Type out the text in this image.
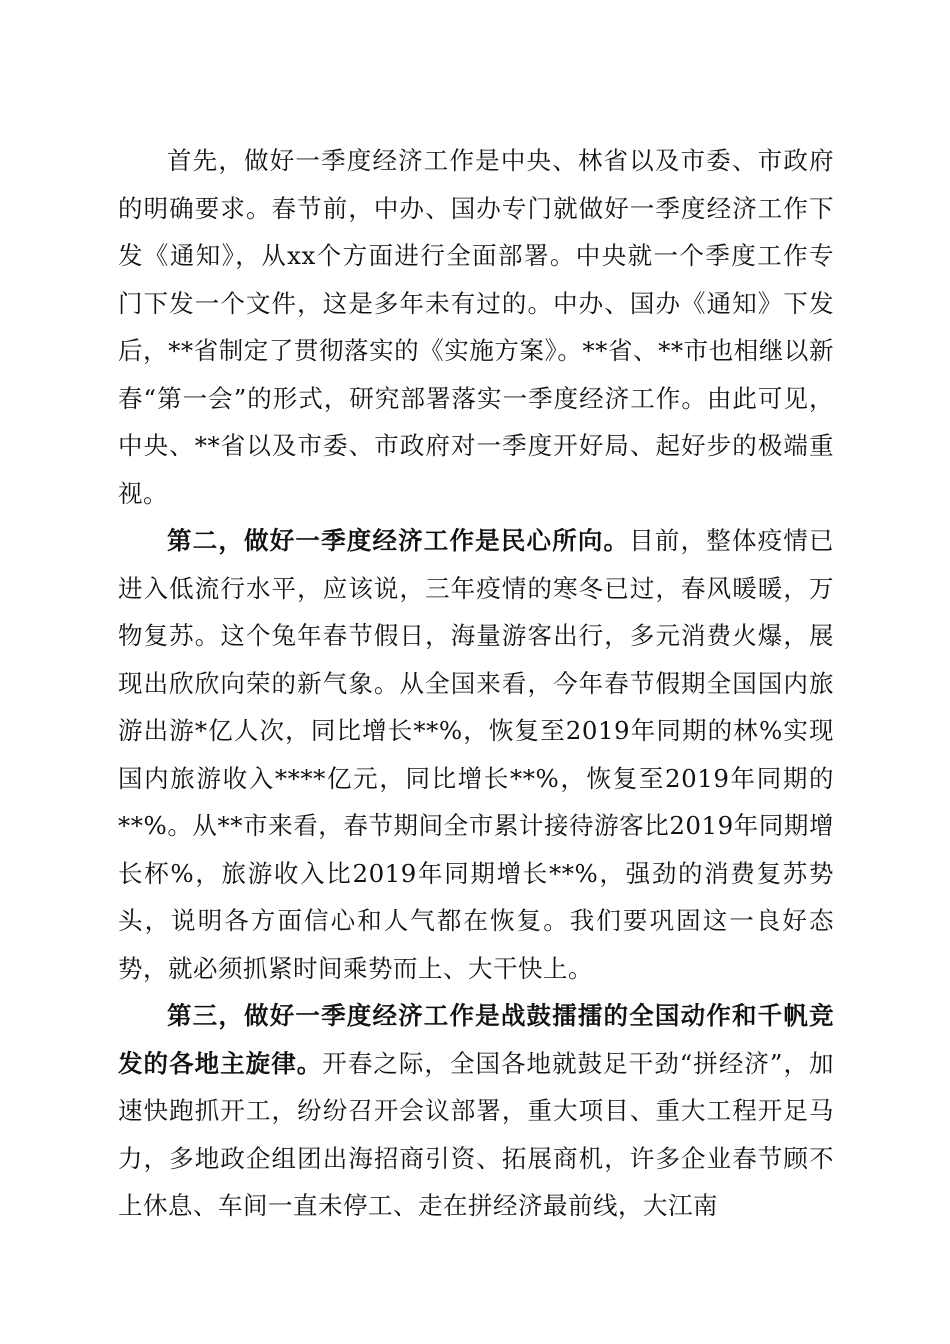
首先，做好一季度经济工作是中央、林省以及市委、市政府的明确要求。春节前，中办、国办专门就做好一季度经济工作下发《通知》，从xx个方面进行全面部署。中央就一个季度工作专门下发一个文件，这是多年未有过的。中办、国办《通知》下发后，**省制定了贯彻落实的《实施方案》。**省、**市也相继以新春“第一会”的形式，研究部署落实一季度经济工作。由此可见，中央、**省以及市委、市政府对一季度开好局、起好步的极端重视。

第二，做好一季度经济工作是民心所向。目前，整体疫情已进入低流行水平，应该说，三年疫情的寒冬已过，春风暖暖，万物复苏。这个兔年春节假日，海量游客出行，多元消费火爆，展现出欣欣向荣的新气象。从全国来看，今年春节假期全国国内旅游出游*亿人次，同比增长**%，恢复至2019年同期的林%实现国内旅游收入****亿元，同比增长**%，恢复至2019年同期的**%。从**市来看，春节期间全市累计接待游客比2019年同期增长杯%，旅游收入比2019年同期增长**%，强劲的消费复苏势头，说明各方面信心和人气都在恢复。我们要巩固这一良好态势，就必须抓紧时间乘势而上、大干快上。

第三，做好一季度经济工作是战鼓擂擂的全国动作和千帆竞发的各地主旋律。开春之际，全国各地就鼓足干劲“拼经济”，加速快跑抓开工，纷纷召开会议部署，重大项目、重大工程开足马力，多地政企组团出海招商引资、拓展商机，许多企业春节顾不上休息、车间一直未停工、走在拼经济最前线，大江南
